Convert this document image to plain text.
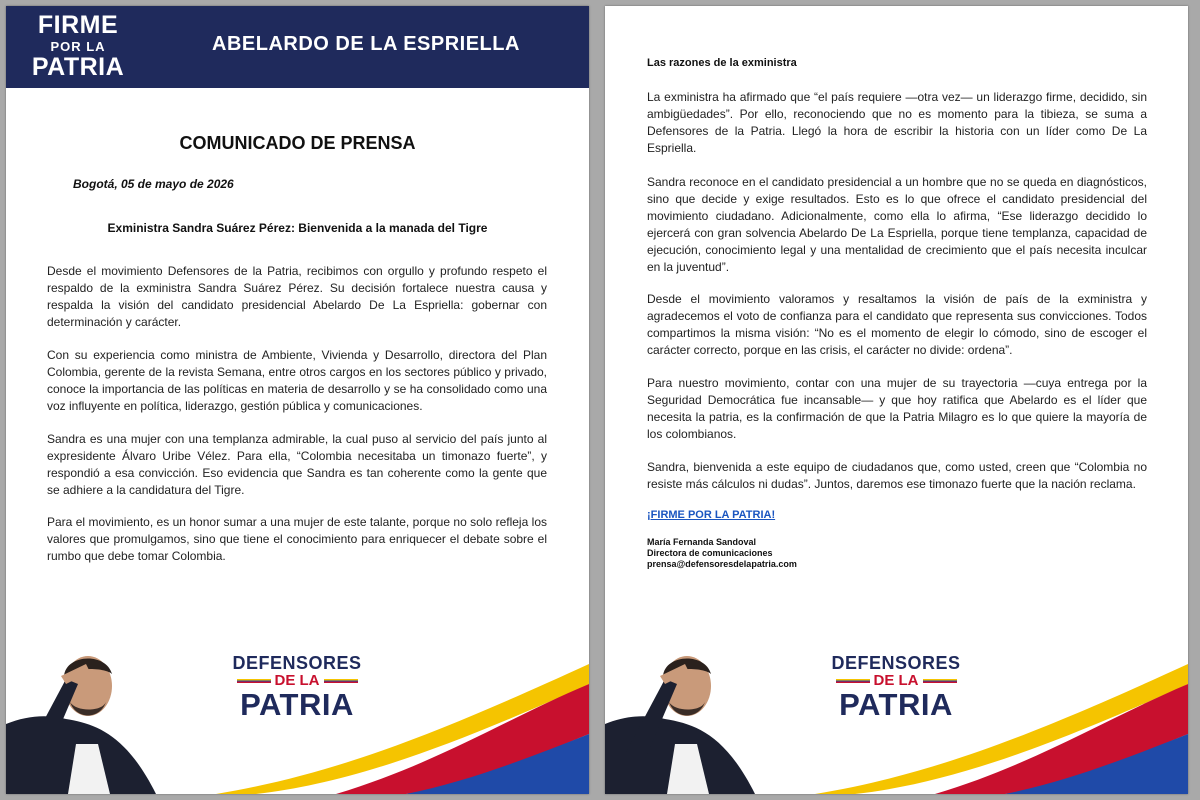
FIRME
POR LA
PATRIA
ABELARDO DE LA ESPRIELLA
COMUNICADO DE PRENSA
Bogotá, 05 de mayo de 2026
Exministra Sandra Suárez Pérez: Bienvenida a la manada del Tigre

Desde el movimiento Defensores de la Patria, recibimos con orgullo y profundo respeto el respaldo de la exministra Sandra Suárez Pérez. Su decisión fortalece nuestra causa y respalda la visión del candidato presidencial Abelardo De La Espriella: gobernar con determinación y carácter.

Con su experiencia como ministra de Ambiente, Vivienda y Desarrollo, directora del Plan Colombia, gerente de la revista Semana, entre otros cargos en los sectores público y privado, conoce la importancia de las políticas en materia de desarrollo y se ha consolidado como una voz influyente en política, liderazgo, gestión pública y comunicaciones.

Sandra es una mujer con una templanza admirable, la cual puso al servicio del país junto al expresidente Álvaro Uribe Vélez. Para ella, “Colombia necesitaba un timonazo fuerte”, y respondió a esa convicción. Eso evidencia que Sandra es tan coherente como la gente que se adhiere a la candidatura del Tigre.

Para el movimiento, es un honor sumar a una mujer de este talante, porque no solo refleja los valores que promulgamos, sino que tiene el conocimiento para enriquecer el debate sobre el rumbo que debe tomar Colombia.

DEFENSORES
DE LA
PATRIA
Las razones de la exministra

La exministra ha afirmado que “el país requiere —otra vez— un liderazgo firme, decidido, sin ambigüedades”. Por ello, reconociendo que no es momento para la tibieza, se suma a Defensores de la Patria. Llegó la hora de escribir la historia con un líder como De La Espriella.

Sandra reconoce en el candidato presidencial a un hombre que no se queda en diagnósticos, sino que decide y exige resultados. Esto es lo que ofrece el candidato presidencial del movimiento ciudadano. Adicionalmente, como ella lo afirma, “Ese liderazgo decidido lo ejercerá con gran solvencia Abelardo De La Espriella, porque tiene templanza, capacidad de ejecución, conocimiento legal y una mentalidad de crecimiento que el país necesita inculcar en la juventud”.

Desde el movimiento valoramos y resaltamos la visión de país de la exministra y agradecemos el voto de confianza para el candidato que representa sus convicciones. Todos compartimos la misma visión: “No es el momento de elegir lo cómodo, sino de escoger el carácter correcto, porque en las crisis, el carácter no divide: ordena”.

Para nuestro movimiento, contar con una mujer de su trayectoria —cuya entrega por la Seguridad Democrática fue incansable— y que hoy ratifica que Abelardo es el líder que necesita la patria, es la confirmación de que la Patria Milagro es lo que quiere la mayoría de los colombianos.

Sandra, bienvenida a este equipo de ciudadanos que, como usted, creen que “Colombia no resiste más cálculos ni dudas”. Juntos, daremos ese timonazo fuerte que la nación reclama.

¡FIRME POR LA PATRIA!
María Fernanda Sandoval
Directora de comunicaciones
prensa@defensoresdelapatria.com
DEFENSORES
DE LA
PATRIA
